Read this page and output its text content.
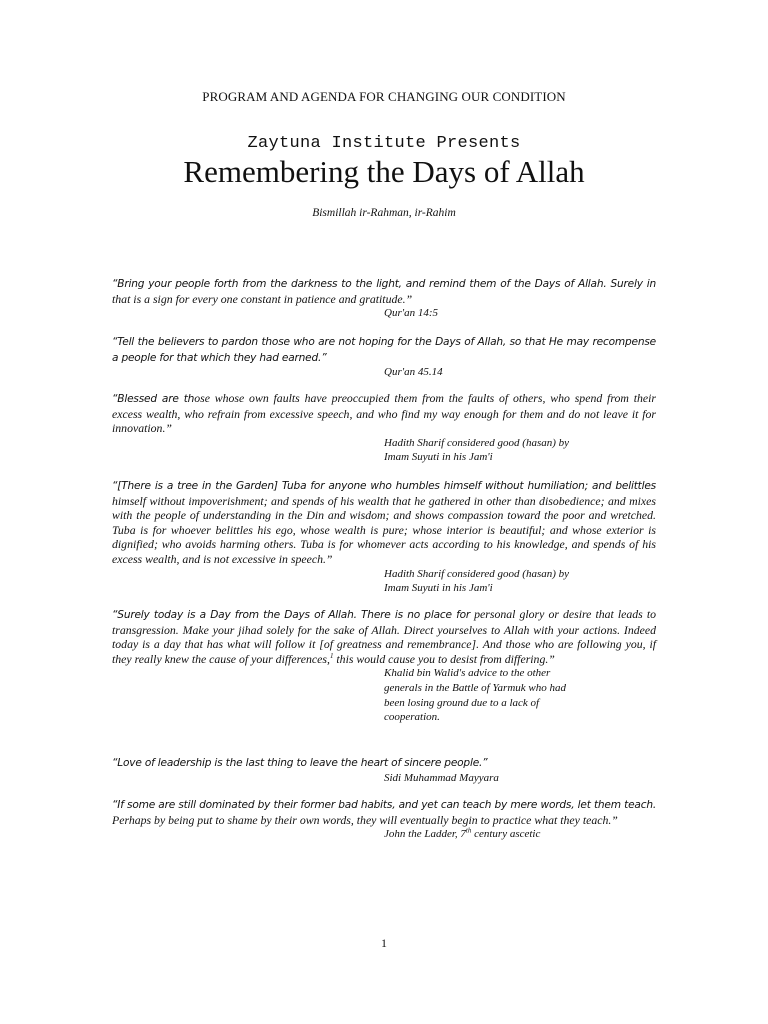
PROGRAM AND AGENDA FOR CHANGING OUR CONDITION
Zaytuna Institute Presents
Remembering the Days of Allah
Bismillah ir-Rahman, ir-Rahim

“Bring your people forth from the darkness to the light, and remind them of the Days of Allah. Surely in that is a sign for every one constant in patience and gratitude.”

Qur'an 14:5

“Tell the believers to pardon those who are not hoping for the Days of Allah, so that He may recompense a people for that which they had earned.”

Qur'an 45.14

“Blessed are those whose own faults have preoccupied them from the faults of others, who spend from their excess wealth, who refrain from excessive speech, and who find my way enough for them and do not leave it for innovation.”

Hadith Sharif considered good (hasan) by

Imam Suyuti in his Jam'i

“[There is a tree in the Garden] Tuba for anyone who humbles himself without humiliation; and belittles himself without impoverishment; and spends of his wealth that he gathered in other than disobedience; and mixes with the people of understanding in the Din and wisdom; and shows compassion toward the poor and wretched. Tuba is for whoever belittles his ego, whose wealth is pure; whose interior is beautiful; and whose exterior is dignified; who avoids harming others. Tuba is for whomever acts according to his knowledge, and spends of his excess wealth, and is not excessive in speech.”

Hadith Sharif considered good (hasan) by

Imam Suyuti in his Jam'i

“Surely today is a Day from the Days of Allah. There is no place for personal glory or desire that leads to transgression. Make your jihad solely for the sake of Allah. Direct yourselves to Allah with your actions. Indeed today is a day that has what will follow it [of greatness and remembrance]. And those who are following you, if they really knew the cause of your differences,$^1$ this would cause you to desist from differing.”

Khalid bin Walid's advice to the other

generals in the Battle of Yarmuk who had

been losing ground due to a lack of

cooperation.

“Love of leadership is the last thing to leave the heart of sincere people.”

Sidi Muhammad Mayyara

“If some are still dominated by their former bad habits, and yet can teach by mere words, let them teach. Perhaps by being put to shame by their own words, they will eventually begin to practice what they teach.”

John the Ladder, 7th century ascetic

1
